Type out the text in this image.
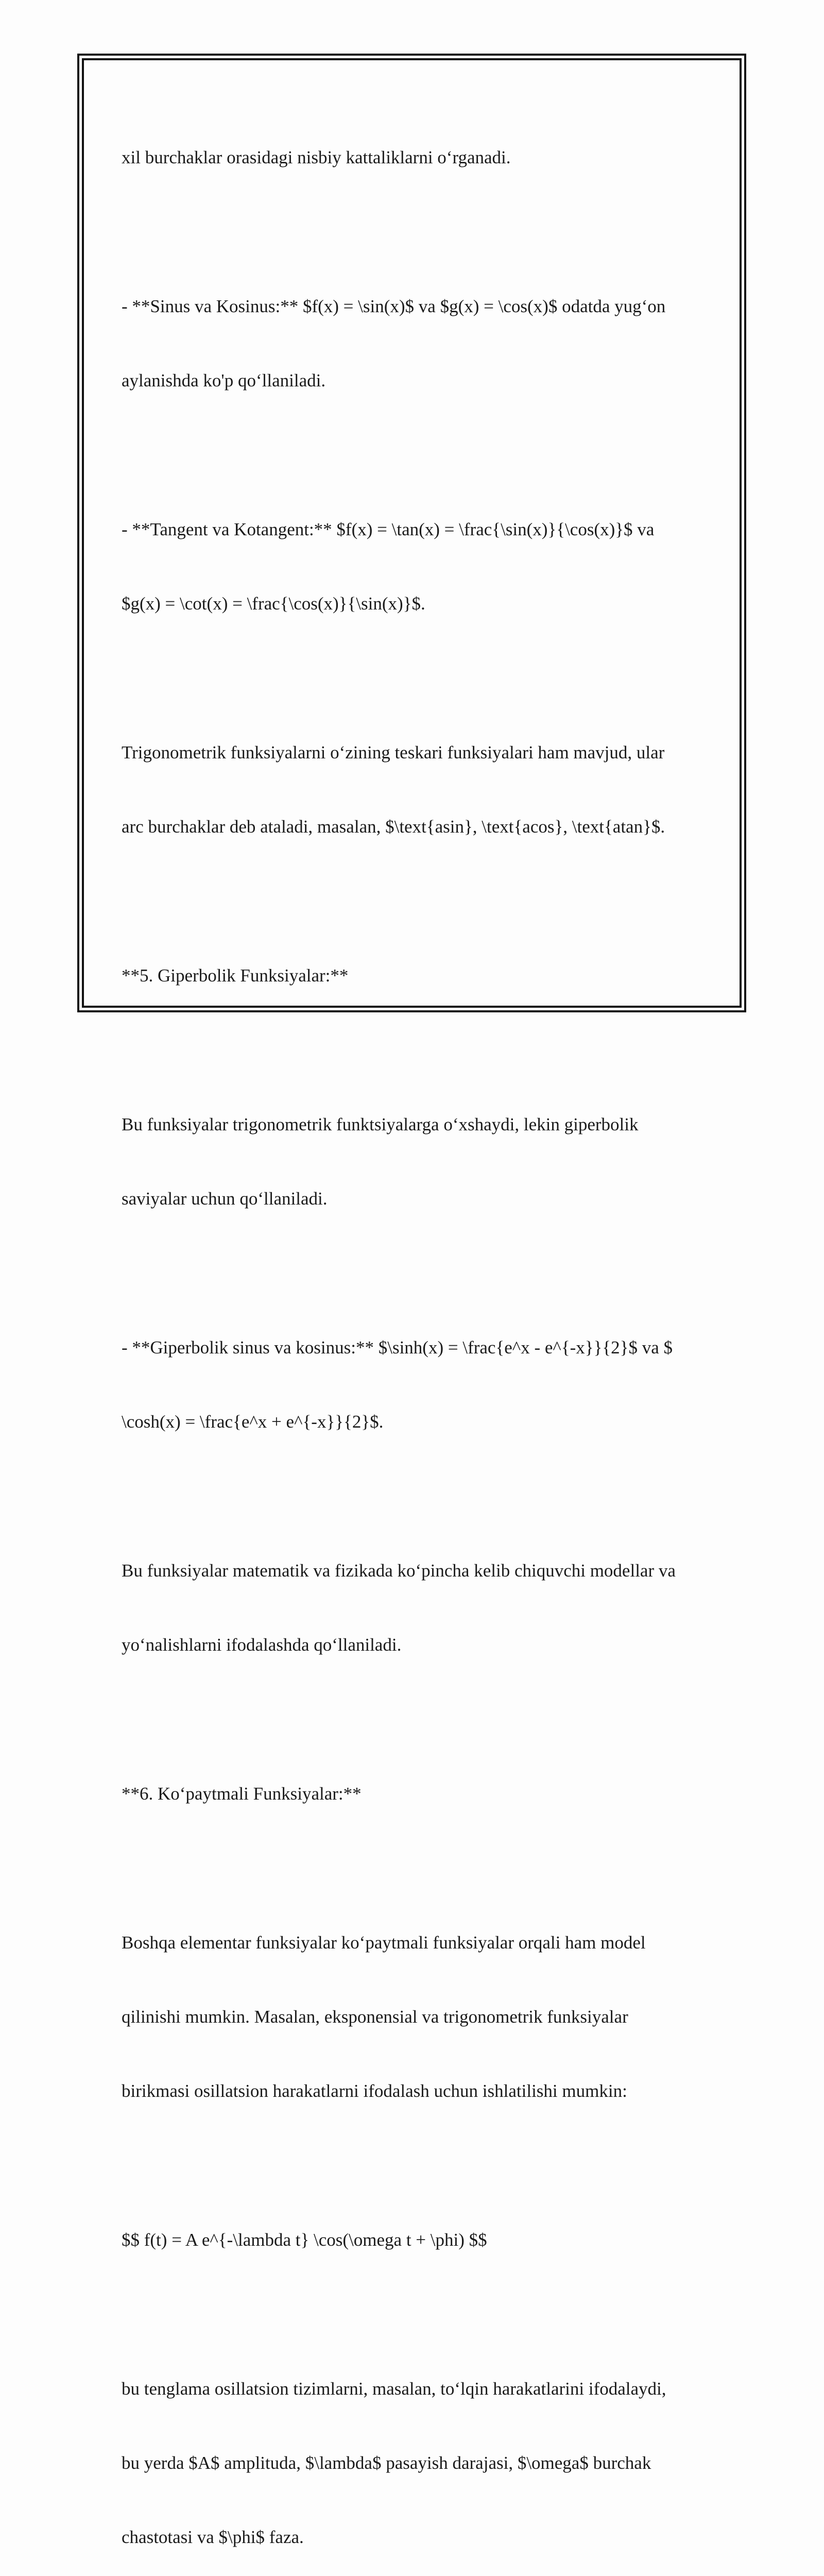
xil burchaklar orasidagi nisbiy kattaliklarni o‘rganadi.

- **Sinus va Kosinus:** $f(x) = \sin(x)$ va $g(x) = \cos(x)$ odatda yug‘on

aylanishda ko'p qo‘llaniladi.

- **Tangent va Kotangent:** $f(x) = \tan(x) = \frac{\sin(x)}{\cos(x)}$ va

$g(x) = \cot(x) = \frac{\cos(x)}{\sin(x)}$.

Trigonometrik funksiyalarni o‘zining teskari funksiyalari ham mavjud, ular

arc burchaklar deb ataladi, masalan, $\text{asin}, \text{acos}, \text{atan}$.

**5. Giperbolik Funksiyalar:**

Bu funksiyalar trigonometrik funktsiyalarga o‘xshaydi, lekin giperbolik

saviyalar uchun qo‘llaniladi.

- **Giperbolik sinus va kosinus:** $\sinh(x) = \frac{e^x - e^{-x}}{2}$ va $

\cosh(x) = \frac{e^x + e^{-x}}{2}$.

Bu funksiyalar matematik va fizikada ko‘pincha kelib chiquvchi modellar va

yo‘nalishlarni ifodalashda qo‘llaniladi.

**6. Ko‘paytmali Funksiyalar:**

Boshqa elementar funksiyalar ko‘paytmali funksiyalar orqali ham model

qilinishi mumkin. Masalan, eksponensial va trigonometrik funksiyalar

birikmasi osillatsion harakatlarni ifodalash uchun ishlatilishi mumkin:

$$ f(t) = A e^{-\lambda t} \cos(\omega t + \phi) $$

bu tenglama osillatsion tizimlarni, masalan, to‘lqin harakatlarini ifodalaydi,

bu yerda $A$ amplituda, $\lambda$ pasayish darajasi, $\omega$ burchak

chastotasi va $\phi$ faza.
